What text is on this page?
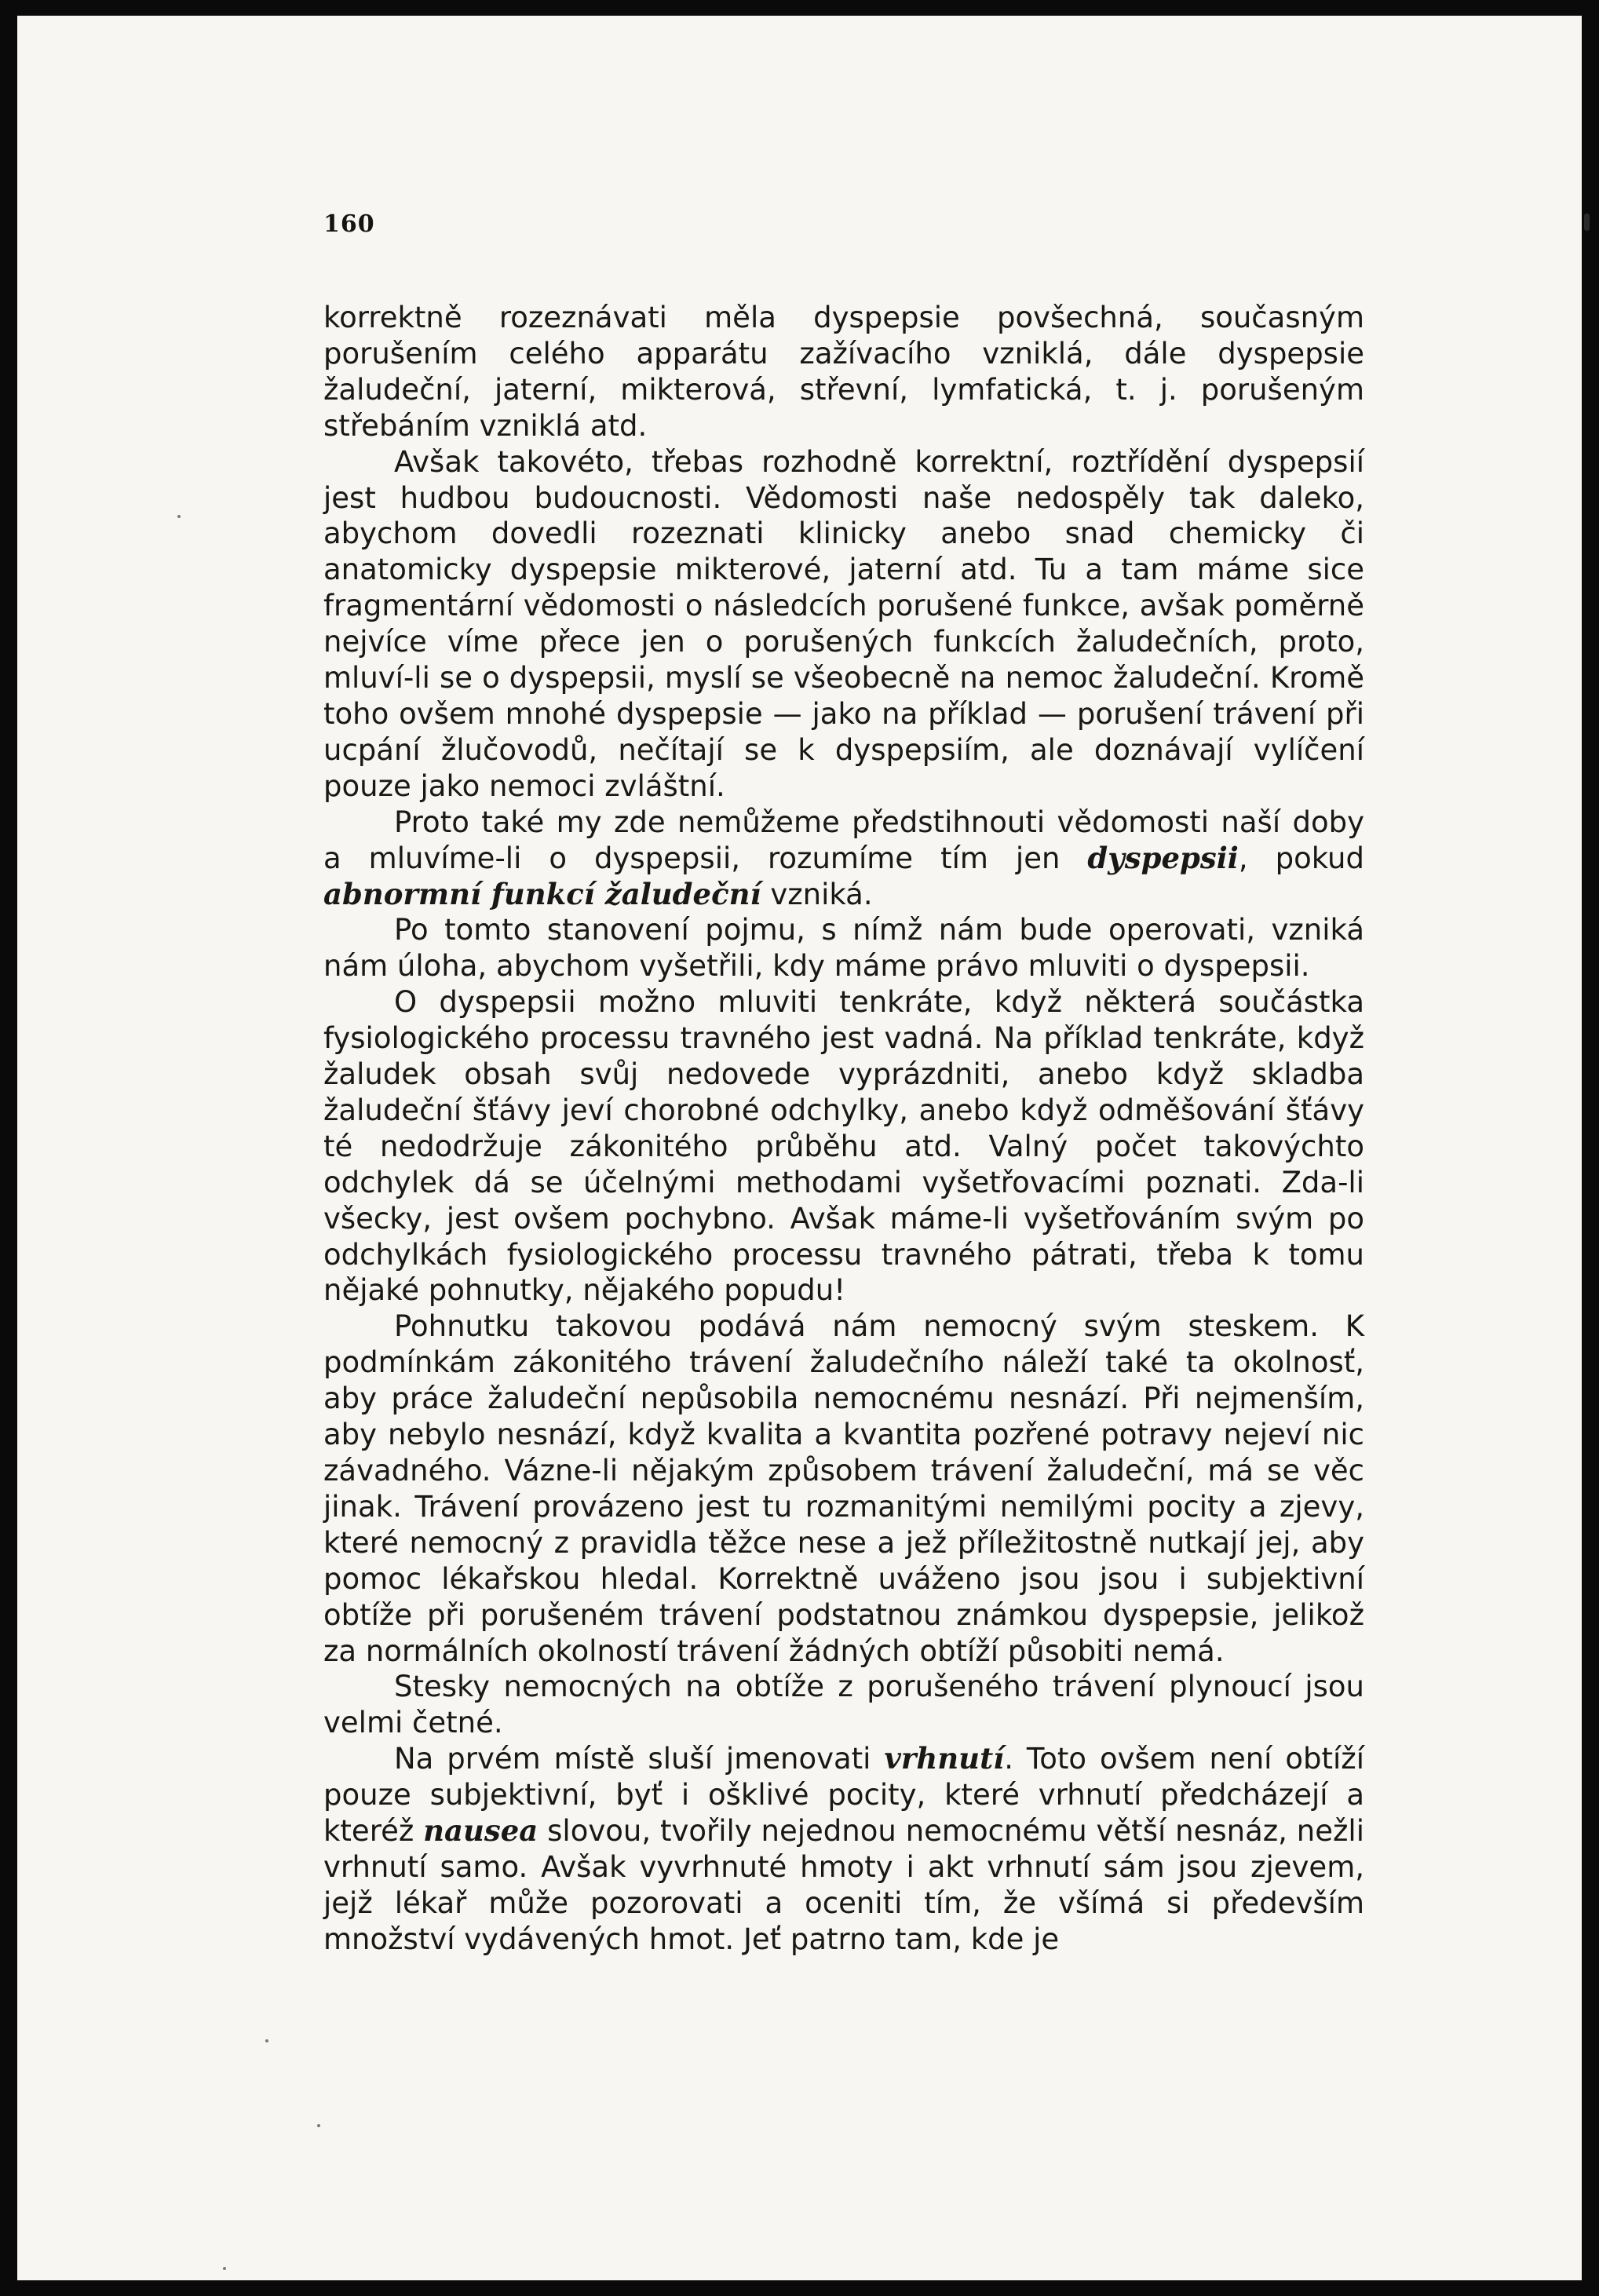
160

korrektně rozeznávati měla dyspepsie povšechná, současným porušením celého apparátu zažívacího vzniklá, dále dyspepsie žaludeční, jaterní, mikterová, střevní, lymfatická, t. j. porušeným střebáním vzniklá atd.

Avšak takovéto, třebas rozhodně korrektní, roztřídění dyspepsií jest hudbou budoucnosti. Vědomosti naše nedospěly tak daleko, abychom dovedli rozeznati klinicky anebo snad chemicky či anatomicky dyspepsie mikterové, jaterní atd. Tu a tam máme sice fragmentární vědomosti o následcích porušené funkce, avšak poměrně nejvíce víme přece jen o porušených funkcích žaludečních, proto, mluví-li se o dyspepsii, myslí se všeobecně na nemoc žaludeční. Kromě toho ovšem mnohé dyspepsie — jako na příklad — porušení trávení při ucpání žlučovodů, nečítají se k dyspepsiím, ale doznávají vylíčení pouze jako nemoci zvláštní.

Proto také my zde nemůžeme předstihnouti vědomosti naší doby a mluvíme-li o dyspepsii, rozumíme tím jen dyspepsii, pokud abnormní funkcí žaludeční vzniká.

Po tomto stanovení pojmu, s nímž nám bude operovati, vzniká nám úloha, abychom vyšetřili, kdy máme právo mluviti o dyspepsii.

O dyspepsii možno mluviti tenkráte, když některá součástka fysiologického processu travného jest vadná. Na příklad tenkráte, když žaludek obsah svůj nedovede vyprázdniti, anebo když skladba žaludeční šťávy jeví chorobné odchylky, anebo když odměšování šťávy té nedodržuje zákonitého průběhu atd. Valný počet takovýchto odchylek dá se účelnými methodami vyšetřovacími poznati. Zda-li všecky, jest ovšem pochybno. Avšak máme-li vyšetřováním svým po odchylkách fysiologického processu travného pátrati, třeba k tomu nějaké pohnutky, nějakého popudu!

Pohnutku takovou podává nám nemocný svým steskem. K podmínkám zákonitého trávení žaludečního náleží také ta okolnosť, aby práce žaludeční nepůsobila nemocnému nesnází. Při nejmenším, aby nebylo nesnází, když kvalita a kvantita pozřené potravy nejeví nic závadného. Vázne-li nějakým způsobem trávení žaludeční, má se věc jinak. Trávení provázeno jest tu rozmanitými nemilými pocity a zjevy, které nemocný z pravidla těžce nese a jež příležitostně nutkají jej, aby pomoc lékařskou hledal. Korrektně uváženo jsou jsou i subjektivní obtíže při porušeném trávení podstatnou známkou dyspepsie, jelikož za normálních okolností trávení žádných obtíží působiti nemá.

Stesky nemocných na obtíže z porušeného trávení plynoucí jsou velmi četné.

Na prvém místě sluší jmenovati vrhnutí. Toto ovšem není obtíží pouze subjektivní, byť i ošklivé pocity, které vrhnutí předcházejí a kteréž nausea slovou, tvořily nejednou nemocnému větší nesnáz, nežli vrhnutí samo. Avšak vyvrhnuté hmoty i akt vrhnutí sám jsou zjevem, jejž lékař může pozorovati a oceniti tím, že všímá si především množství vydávených hmot. Jeť patrno tam, kde je
